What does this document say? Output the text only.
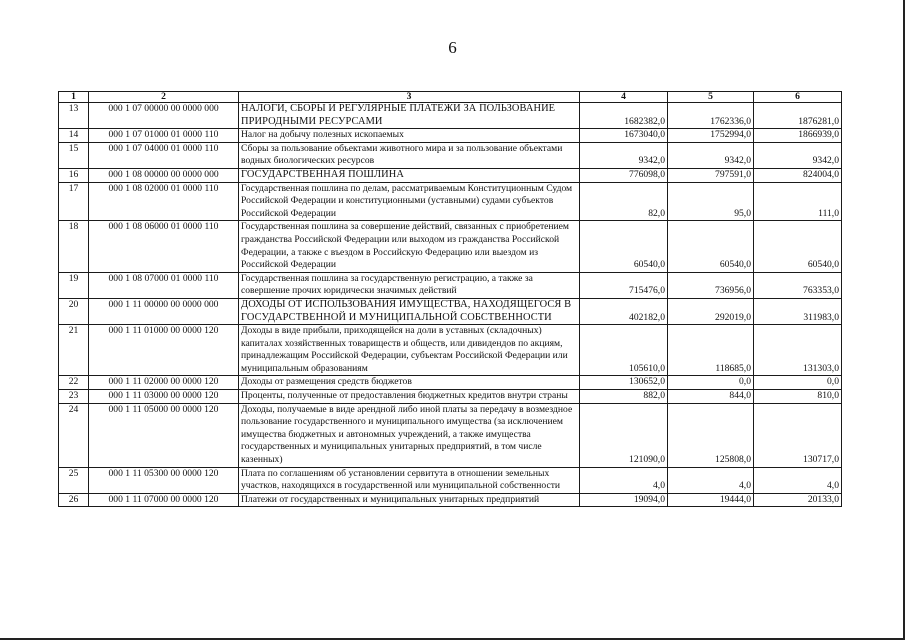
6
1	2	3	4	5	6
13	000 1 07 00000 00 0000 000	НАЛОГИ, СБОРЫ И РЕГУЛЯРНЫЕ ПЛАТЕЖИ ЗА ПОЛЬЗОВАНИЕ ПРИРОДНЫМИ РЕСУРСАМИ	1682382,0	1762336,0	1876281,0
14	000 1 07 01000 01 0000 110	Налог на добычу полезных ископаемых	1673040,0	1752994,0	1866939,0
15	000 1 07 04000 01 0000 110	Сборы за пользование объектами животного мира и за пользование объектами водных биологических ресурсов	9342,0	9342,0	9342,0
16	000 1 08 00000 00 0000 000	ГОСУДАРСТВЕННАЯ ПОШЛИНА	776098,0	797591,0	824004,0
17	000 1 08 02000 01 0000 110	Государственная пошлина по делам, рассматриваемым Конституционным Судом Российской Федерации и конституционными (уставными) судами субъектов Российской Федерации	82,0	95,0	111,0
18	000 1 08 06000 01 0000 110	Государственная пошлина за совершение действий, связанных с приобретением гражданства Российской Федерации или выходом из гражданства Российской Федерации, а также с въездом в Российскую Федерацию или выездом из Российской Федерации	60540,0	60540,0	60540,0
19	000 1 08 07000 01 0000 110	Государственная пошлина за государственную регистрацию, а также за совершение прочих юридически значимых действий	715476,0	736956,0	763353,0
20	000 1 11 00000 00 0000 000	ДОХОДЫ ОТ ИСПОЛЬЗОВАНИЯ ИМУЩЕСТВА, НАХОДЯЩЕГОСЯ В ГОСУДАРСТВЕННОЙ И МУНИЦИПАЛЬНОЙ СОБСТВЕННОСТИ	402182,0	292019,0	311983,0
21	000 1 11 01000 00 0000 120	Доходы в виде прибыли, приходящейся на доли в уставных (складочных) капиталах хозяйственных товариществ и обществ, или дивидендов по акциям, принадлежащим Российской Федерации, субъектам Российской Федерации или муниципальным образованиям	105610,0	118685,0	131303,0
22	000 1 11 02000 00 0000 120	Доходы от размещения средств бюджетов	130652,0	0,0	0,0
23	000 1 11 03000 00 0000 120	Проценты, полученные от предоставления бюджетных кредитов внутри страны	882,0	844,0	810,0
24	000 1 11 05000 00 0000 120	Доходы, получаемые в виде арендной либо иной платы за передачу в возмездное пользование государственного и муниципального имущества (за исключением имущества бюджетных и автономных учреждений, а также имущества государственных и муниципальных унитарных предприятий, в том числе казенных)	121090,0	125808,0	130717,0
25	000 1 11 05300 00 0000 120	Плата по соглашениям об установлении сервитута в отношении земельных участков, находящихся в государственной или муниципальной собственности	4,0	4,0	4,0
26	000 1 11 07000 00 0000 120	Платежи от государственных и муниципальных унитарных предприятий	19094,0	19444,0	20133,0
